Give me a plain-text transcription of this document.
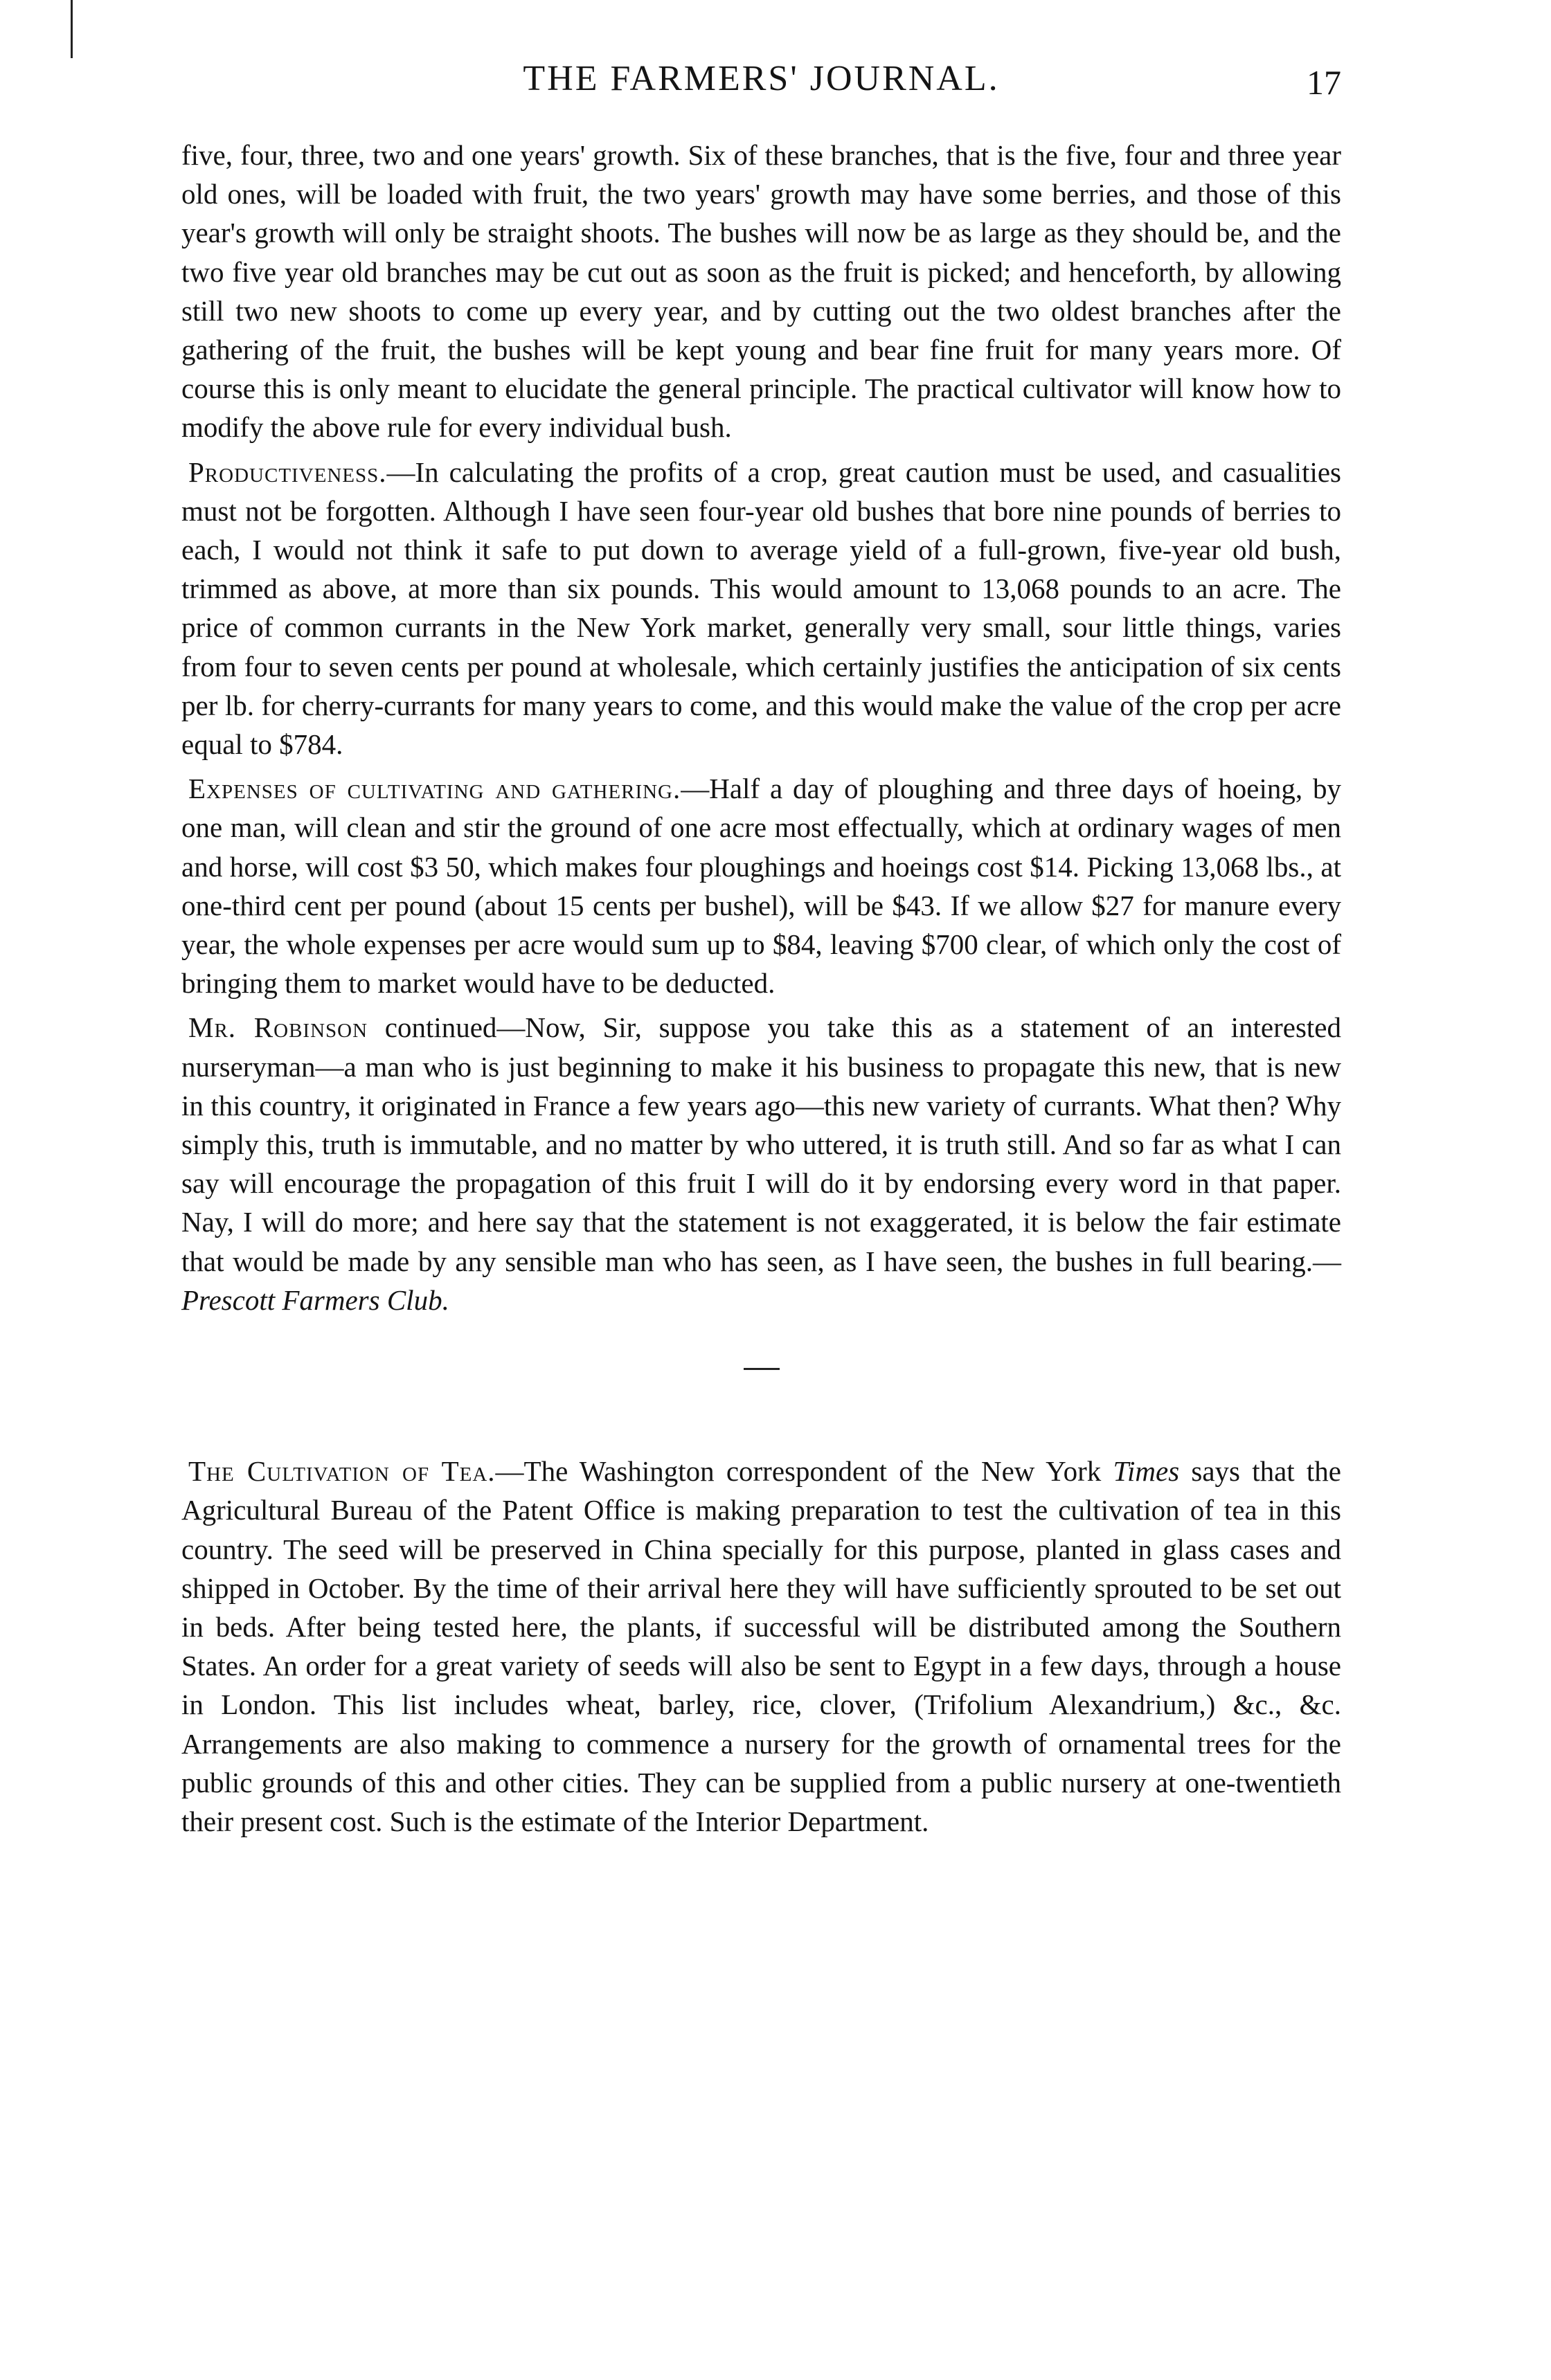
THE FARMERS' JOURNAL.	17

five, four, three, two and one years' growth. Six of these branches, that is the five, four and three year old ones, will be loaded with fruit, the two years' growth may have some berries, and those of this year's growth will only be straight shoots. The bushes will now be as large as they should be, and the two five year old branches may be cut out as soon as the fruit is picked; and henceforth, by allowing still two new shoots to come up every year, and by cutting out the two oldest branches after the gathering of the fruit, the bushes will be kept young and bear fine fruit for many years more. Of course this is only meant to elucidate the general principle. The practical cultivator will know how to modify the above rule for every individual bush.

Productiveness.—In calculating the profits of a crop, great caution must be used, and casualities must not be forgotten. Although I have seen four-year old bushes that bore nine pounds of berries to each, I would not think it safe to put down to average yield of a full-grown, five-year old bush, trimmed as above, at more than six pounds. This would amount to 13,068 pounds to an acre. The price of common currants in the New York market, generally very small, sour little things, varies from four to seven cents per pound at wholesale, which certainly justifies the anticipation of six cents per lb. for cherry-currants for many years to come, and this would make the value of the crop per acre equal to $784.

Expenses of cultivating and gathering.—Half a day of ploughing and three days of hoeing, by one man, will clean and stir the ground of one acre most effectually, which at ordinary wages of men and horse, will cost $3 50, which makes four ploughings and hoeings cost $14. Picking 13,068 lbs., at one-third cent per pound (about 15 cents per bushel), will be $43. If we allow $27 for manure every year, the whole expenses per acre would sum up to $84, leaving $700 clear, of which only the cost of bringing them to market would have to be deducted.

Mr. Robinson continued—Now, Sir, suppose you take this as a statement of an interested nurseryman—a man who is just beginning to make it his business to propagate this new, that is new in this country, it originated in France a few years ago—this new variety of currants. What then? Why simply this, truth is immutable, and no matter by who uttered, it is truth still. And so far as what I can say will encourage the propagation of this fruit I will do it by endorsing every word in that paper. Nay, I will do more; and here say that the statement is not exaggerated, it is below the fair estimate that would be made by any sensible man who has seen, as I have seen, the bushes in full bearing.—Prescott Farmers Club.

The Cultivation of Tea.—The Washington correspondent of the New York Times says that the Agricultural Bureau of the Patent Office is making preparation to test the cultivation of tea in this country. The seed will be preserved in China specially for this purpose, planted in glass cases and shipped in October. By the time of their arrival here they will have sufficiently sprouted to be set out in beds. After being tested here, the plants, if successful will be distributed among the Southern States. An order for a great variety of seeds will also be sent to Egypt in a few days, through a house in London. This list includes wheat, barley, rice, clover, (Trifolium Alexandrium,) &c., &c. Arrangements are also making to commence a nursery for the growth of ornamental trees for the public grounds of this and other cities. They can be supplied from a public nursery at one-twentieth their present cost. Such is the estimate of the Interior Department.
